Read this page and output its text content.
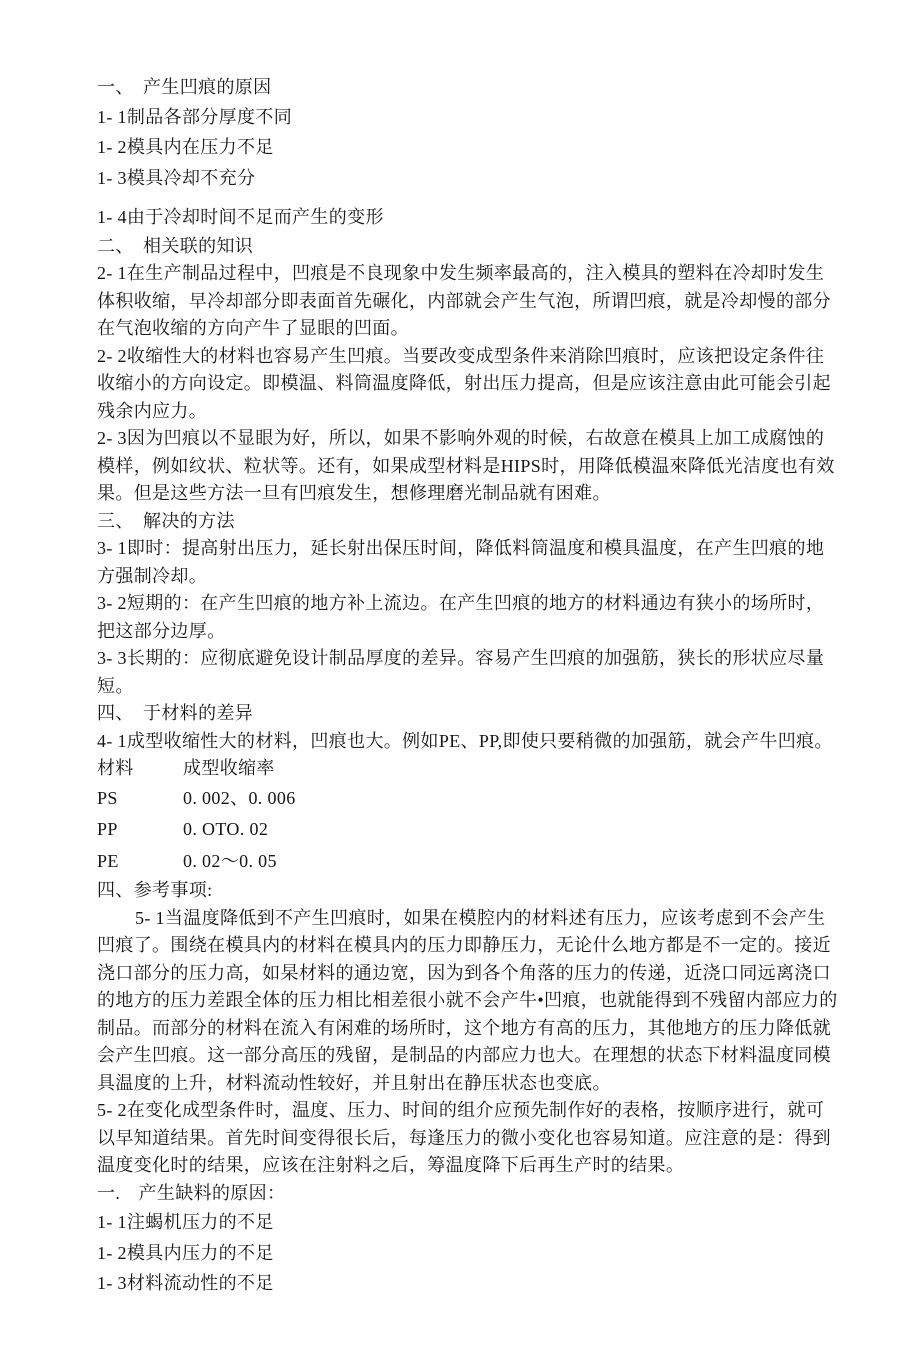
一、　产生凹痕的原因
1- 1制品各部分厚度不同
1- 2模具内在压力不足
1- 3模具冷却不充分
1- 4由于冷却时间不足而产生的变形
二、　相关联的知识
2- 1在生产制品过程中，凹痕是不良现象中发生频率最高的，注入模具的塑料在冷却时发生
体积收缩，早冷却部分即表面首先碾化，内部就会产生气泡，所谓凹痕，就是冷却慢的部分
在气泡收缩的方向产牛了显眼的凹面。
2- 2收缩性大的材料也容易产生凹痕。当要改变成型条件来消除凹痕时，应该把设定条件往
收缩小的方向设定。即模温、料筒温度降低，射出压力提高，但是应该注意由此可能会引起
残余内应力。
2- 3因为凹痕以不显眼为好，所以，如果不影响外观的时候，右故意在模具上加工成腐蚀的
模样，例如纹状、粒状等。还有，如果成型材料是HIPS时，用降低模温來降低光洁度也有效
果。但是这些方法一旦有凹痕发生，想修理磨光制品就有困难。
三、　解决的方法
3- 1即时：提高射出压力，延长射出保压时间，降低料筒温度和模具温度，在产生凹痕的地
方强制冷却。
3- 2短期的：在产生凹痕的地方补上流边。在产生凹痕的地方的材料通边有狭小的场所时，
把这部分边厚。
3- 3长期的：应彻底避免设计制品厚度的差异。容易产生凹痕的加强筋，狭长的形状应尽量
短。
四、　于材料的差异
4- 1成型收缩性大的材料，凹痕也大。例如PE、PP,即使只要稍微的加强筋，就会产牛凹痕。
材料	成型收缩率
PS	0. 002、0. 006
PP	0. OTO. 02
PE	0. 02～0. 05
四、参考事项:
5- 1当温度降低到不产生凹痕时，如果在模腔内的材料述有压力，应该考虑到不会产生
凹痕了。围绕在模具内的材料在模具内的压力即静压力，无论什么地方都是不一定的。接近
浇口部分的压力高，如杲材料的通边宽，因为到各个角落的压力的传递，近浇口同远离浇口
的地方的压力差跟全体的压力相比相差很小就不会产牛•凹痕，也就能得到不残留内部应力的
制品。而部分的材料在流入有闲难的场所时，这个地方有高的压力，其他地方的压力降低就
会产生凹痕。这一部分高压的残留，是制品的内部应力也大。在理想的状态下材料温度同模
具温度的上升，材料流动性较好，并且射出在静压状态也变底。
5- 2在变化成型条件时，温度、压力、时间的组介应预先制作好的表格，按顺序进行，就可
以早知道结果。首先时间变得很长后，每逢压力的微小变化也容易知道。应注意的是：得到
温度变化时的结果，应该在注射料之后，筹温度降下后再生产时的结果。
一.　产生缺料的原因：
1- 1注蝎机压力的不足
1- 2模具内压力的不足
1- 3材料流动性的不足
